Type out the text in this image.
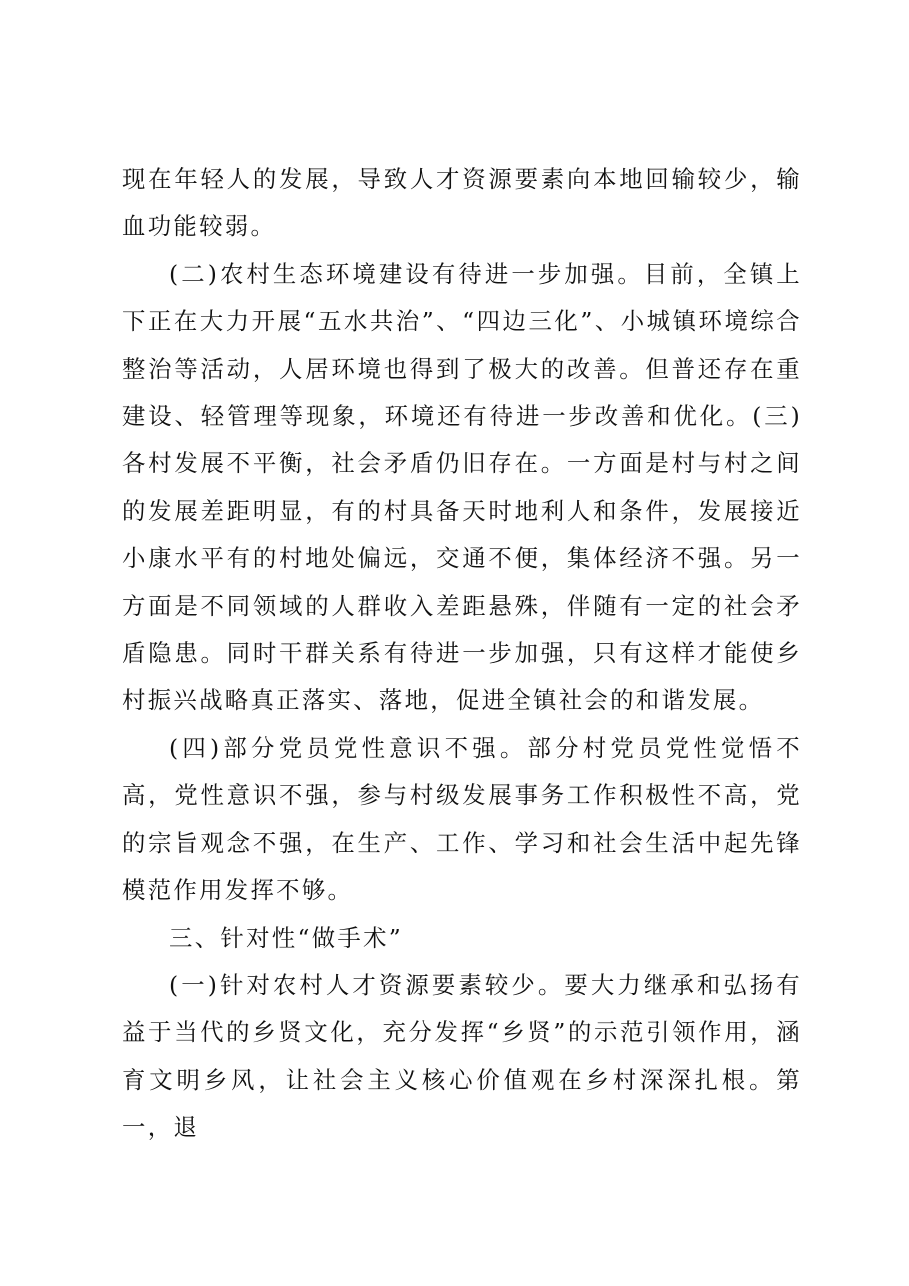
现在年轻人的发展，导致人才资源要素向本地回输较少，输血功能较弱。

(二)农村生态环境建设有待进一步加强。目前，全镇上下正在大力开展“五水共治”、“四边三化”、小城镇环境综合整治等活动，人居环境也得到了极大的改善。但普还存在重建设、轻管理等现象，环境还有待进一步改善和优化。(三)各村发展不平衡，社会矛盾仍旧存在。一方面是村与村之间的发展差距明显，有的村具备天时地利人和条件，发展接近小康水平有的村地处偏远，交通不便，集体经济不强。另一方面是不同领域的人群收入差距悬殊，伴随有一定的社会矛盾隐患。同时干群关系有待进一步加强，只有这样才能使乡村振兴战略真正落实、落地，促进全镇社会的和谐发展。

(四)部分党员党性意识不强。部分村党员党性觉悟不高，党性意识不强，参与村级发展事务工作积极性不高，党的宗旨观念不强，在生产、工作、学习和社会生活中起先锋模范作用发挥不够。

三、针对性“做手术”

(一)针对农村人才资源要素较少。要大力继承和弘扬有益于当代的乡贤文化，充分发挥“乡贤”的示范引领作用，涵育文明乡风，让社会主义核心价值观在乡村深深扎根。第一，退
